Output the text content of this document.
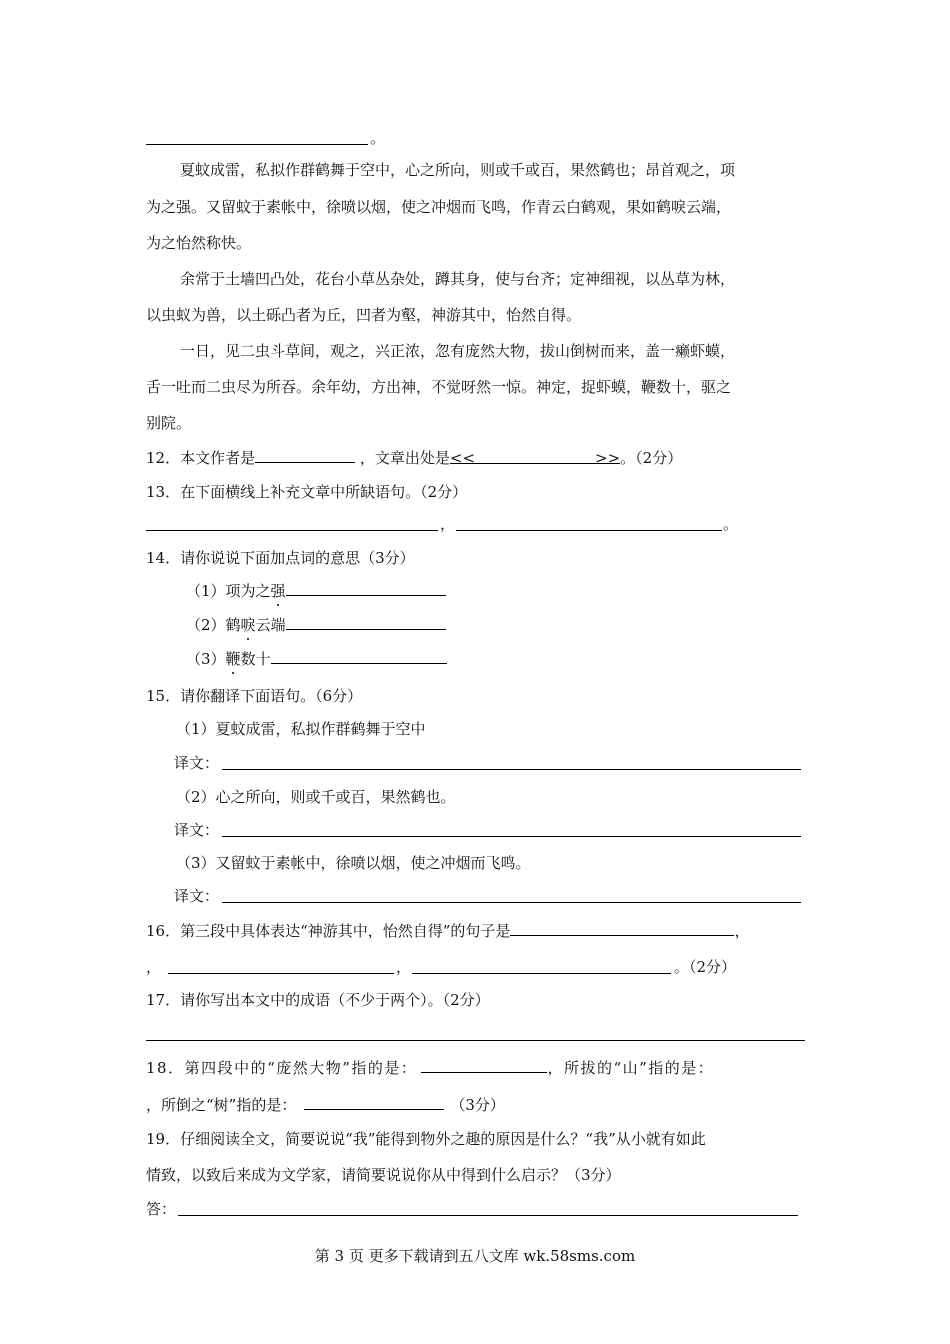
。
夏蚊成雷，私拟作群鹤舞于空中，心之所向，则或千或百，果然鹤也；昂首观之，项
为之强。又留蚊于素帐中，徐喷以烟，使之冲烟而飞鸣，作青云白鹤观，果如鹤唳云端，
为之怡然称快。
余常于土墙凹凸处，花台小草丛杂处，蹲其身，使与台齐；定神细视，以丛草为林，
以虫蚁为兽，以土砾凸者为丘，凹者为壑，神游其中，怡然自得。
一日，见二虫斗草间，观之，兴正浓，忽有庞然大物，拔山倒树而来，盖一癞虾蟆，
舌一吐而二虫尽为所吞。余年幼，方出神，不觉呀然一惊。神定，捉虾蟆，鞭数十，驱之
别院。
12．本文作者是	，文章出处是<<	>>。（2分）
13．在下面横线上补充文章中所缺语句。（2分）
，	。
14．请你说说下面加点词的意思（3分）
（1）项为之强
（2）鹤唳云端
（3）鞭数十
15．请你翻译下面语句。（6分）
（1）夏蚊成雷，私拟作群鹤舞于空中
译文：
（2）心之所向，则或千或百，果然鹤也。
译文：
（3）又留蚊于素帐中，徐喷以烟，使之冲烟而飞鸣。
译文：
16．第三段中具体表达“神游其中，怡然自得”的句子是	，
，	，	。（2分）
17．请你写出本文中的成语（不少于两个）。（2分）
18．第四段中的“庞然大物”指的是：	，所拔的“山”指的是：
，所倒之“树”指的是：	（3分）
19．仔细阅读全文，简要说说“我”能得到物外之趣的原因是什么？“我”从小就有如此
情致，以致后来成为文学家，请简要说说你从中得到什么启示？（3分）
答：
第 3 页 更多下载请到五八文库 wk.58sms.com
